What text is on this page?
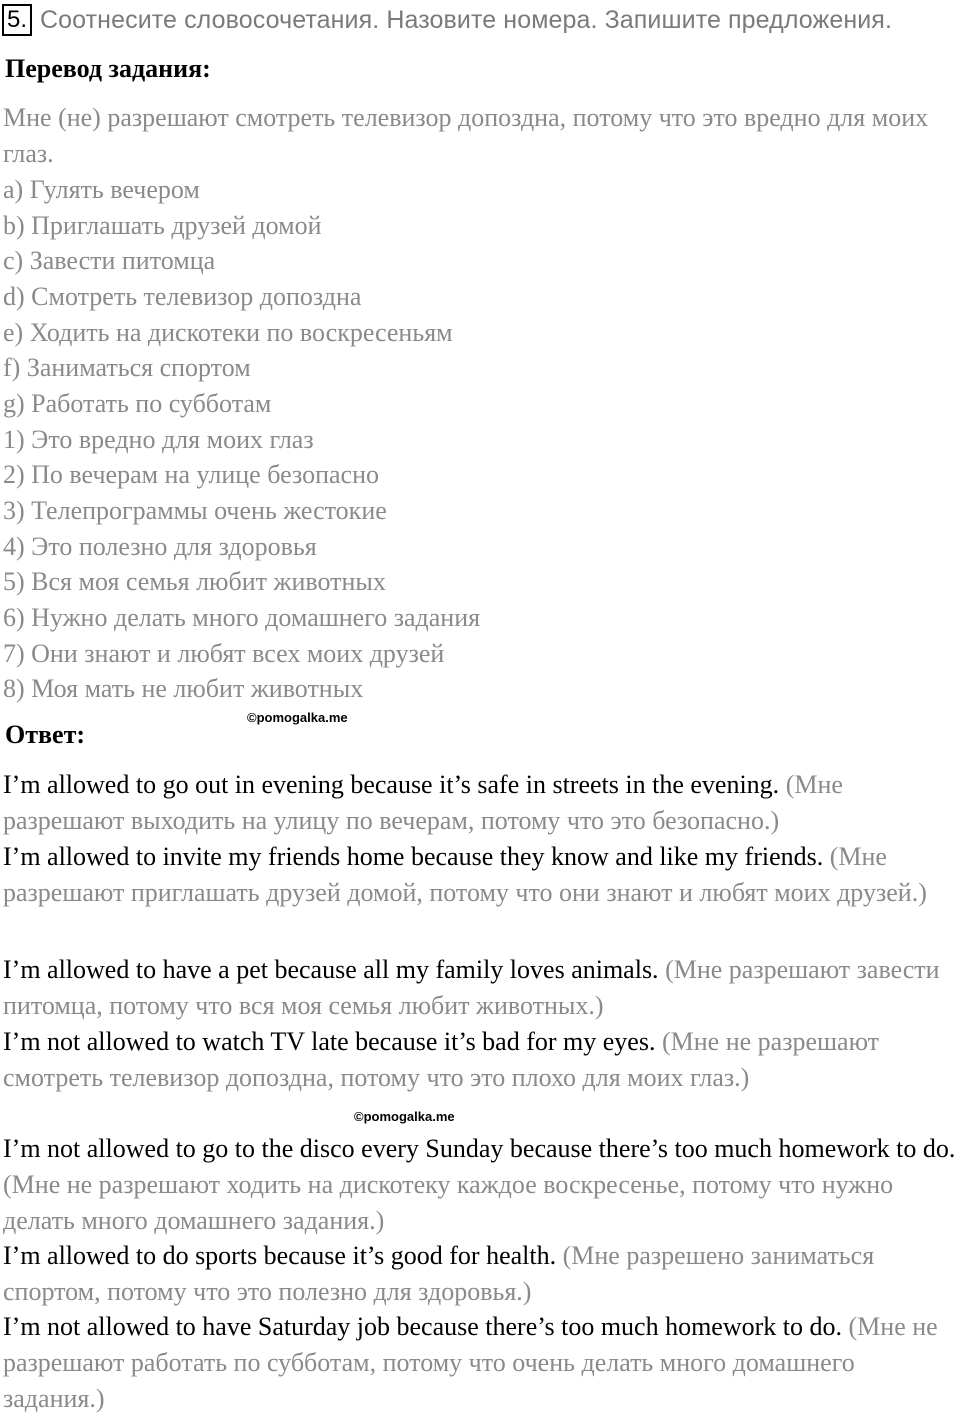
5. Соотнесите словосочетания. Назовите номера. Запишите предложения.
Перевод задания:
Мне (не) разрешают смотреть телевизор допоздна, потому что это вредно для моих глаз.
a) Гулять вечером
b) Приглашать друзей домой
c) Завести питомца
d) Смотреть телевизор допоздна
e) Ходить на дискотеки по воскресеньям
f) Заниматься спортом
g) Работать по субботам
1) Это вредно для моих глаз
2) По вечерам на улице безопасно
3) Телепрограммы очень жестокие
4) Это полезно для здоровья
5) Вся моя семья любит животных
6) Нужно делать много домашнего задания
7) Они знают и любят всех моих друзей
8) Моя мать не любит животных
©pomogalka.me
Ответ:
I’m allowed to go out in evening because it’s safe in streets in the evening. (Мне разрешают выходить на улицу по вечерам, потому что это безопасно.)
I’m allowed to invite my friends home because they know and like my friends. (Мне разрешают приглашать друзей домой, потому что они знают и любят моих друзей.)
I’m allowed to have a pet because all my family loves animals. (Мне разрешают завести питомца, потому что вся моя семья любит животных.)
I’m not allowed to watch TV late because it’s bad for my eyes. (Мне не разрешают смотреть телевизор допоздна, потому что это плохо для моих глаз.)
©pomogalka.me
I’m not allowed to go to the disco every Sunday because there’s too much homework to do. (Мне не разрешают ходить на дискотеку каждое воскресенье, потому что нужно делать много домашнего задания.)
I’m allowed to do sports because it’s good for health. (Мне разрешено заниматься спортом, потому что это полезно для здоровья.)
I’m not allowed to have Saturday job because there’s too much homework to do. (Мне не разрешают работать по субботам, потому что очень делать много домашнего задания.)
